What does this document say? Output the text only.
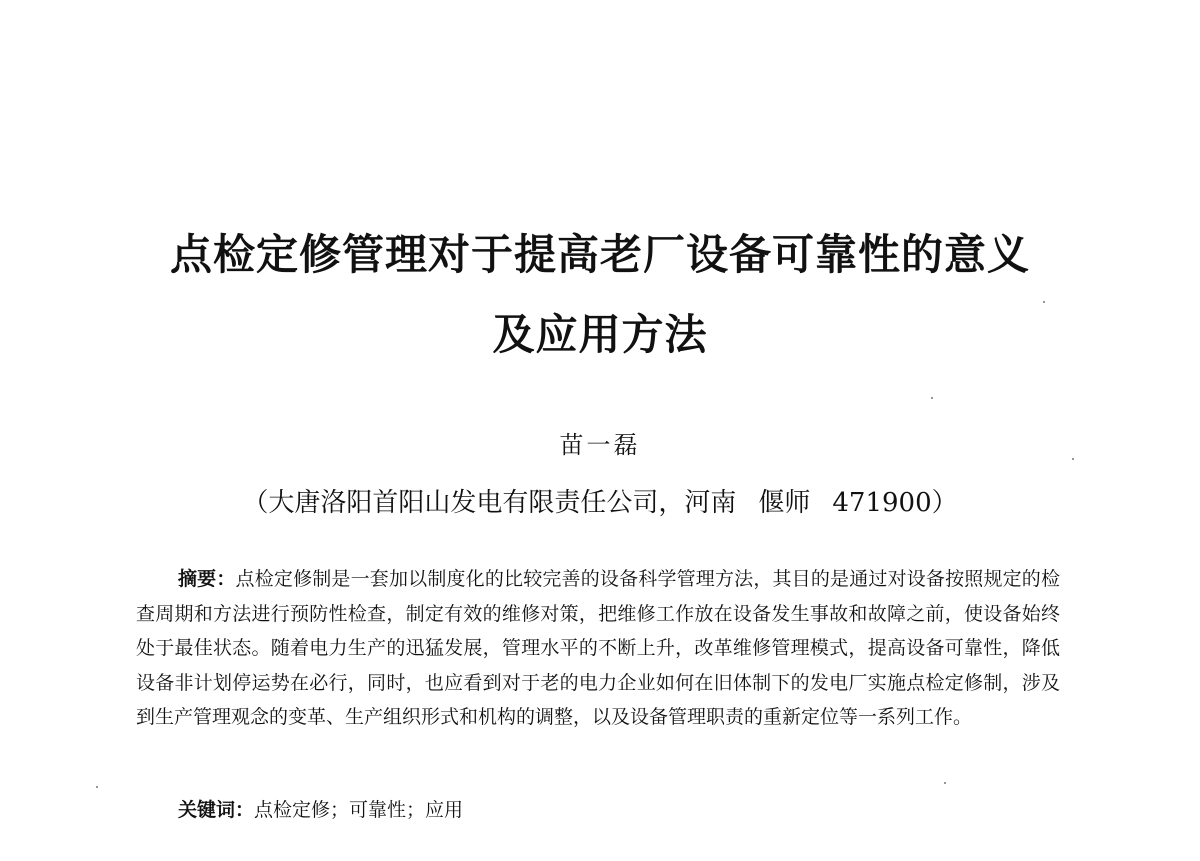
点检定修管理对于提高老厂设备可靠性的意义
及应用方法
苗一磊
（大唐洛阳首阳山发电有限责任公司，河南 偃师 471900）
摘要：点检定修制是一套加以制度化的比较完善的设备科学管理方法，其目的是通过对设备按照规定的检查周期和方法进行预防性检查，制定有效的维修对策，把维修工作放在设备发生事故和故障之前，使设备始终处于最佳状态。随着电力生产的迅猛发展，管理水平的不断上升，改革维修管理模式，提高设备可靠性，降低设备非计划停运势在必行，同时，也应看到对于老的电力企业如何在旧体制下的发电厂实施点检定修制，涉及到生产管理观念的变革、生产组织形式和机构的调整，以及设备管理职责的重新定位等一系列工作。
关键词：点检定修；可靠性；应用
